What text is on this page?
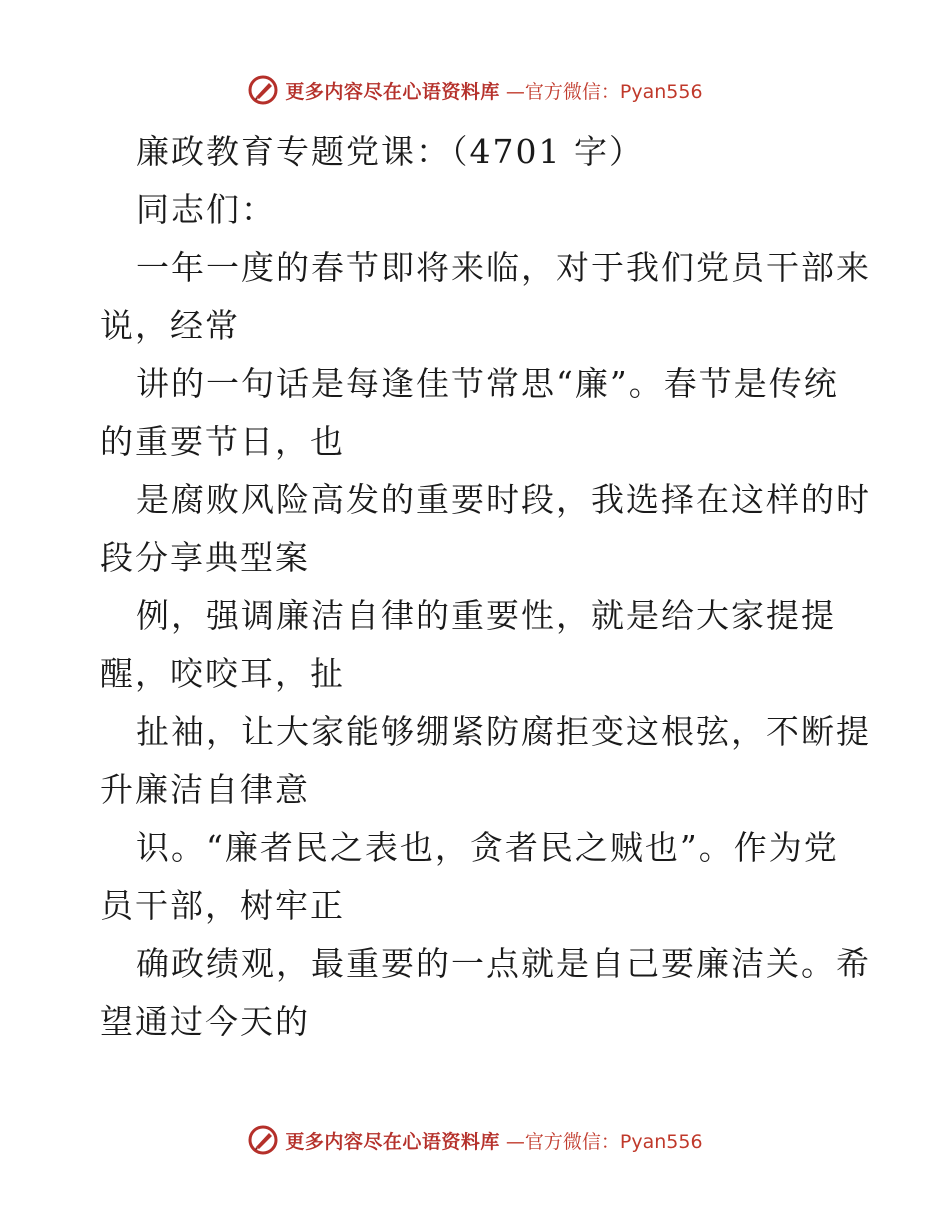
更多内容尽在心语资料库 —官方微信：Pyan556
廉政教育专题党课：（4701 字）
同志们：
一年一度的春节即将来临，对于我们党员干部来
说，经常
讲的一句话是每逢佳节常思“廉”。春节是传统
的重要节日，也
是腐败风险高发的重要时段，我选择在这样的时
段分享典型案
例，强调廉洁自律的重要性，就是给大家提提
醒，咬咬耳，扯
扯袖，让大家能够绷紧防腐拒变这根弦，不断提
升廉洁自律意
识。“廉者民之表也，贪者民之贼也”。作为党
员干部，树牢正
确政绩观，最重要的一点就是自己要廉洁关。希
望通过今天的
更多内容尽在心语资料库 —官方微信：Pyan556
